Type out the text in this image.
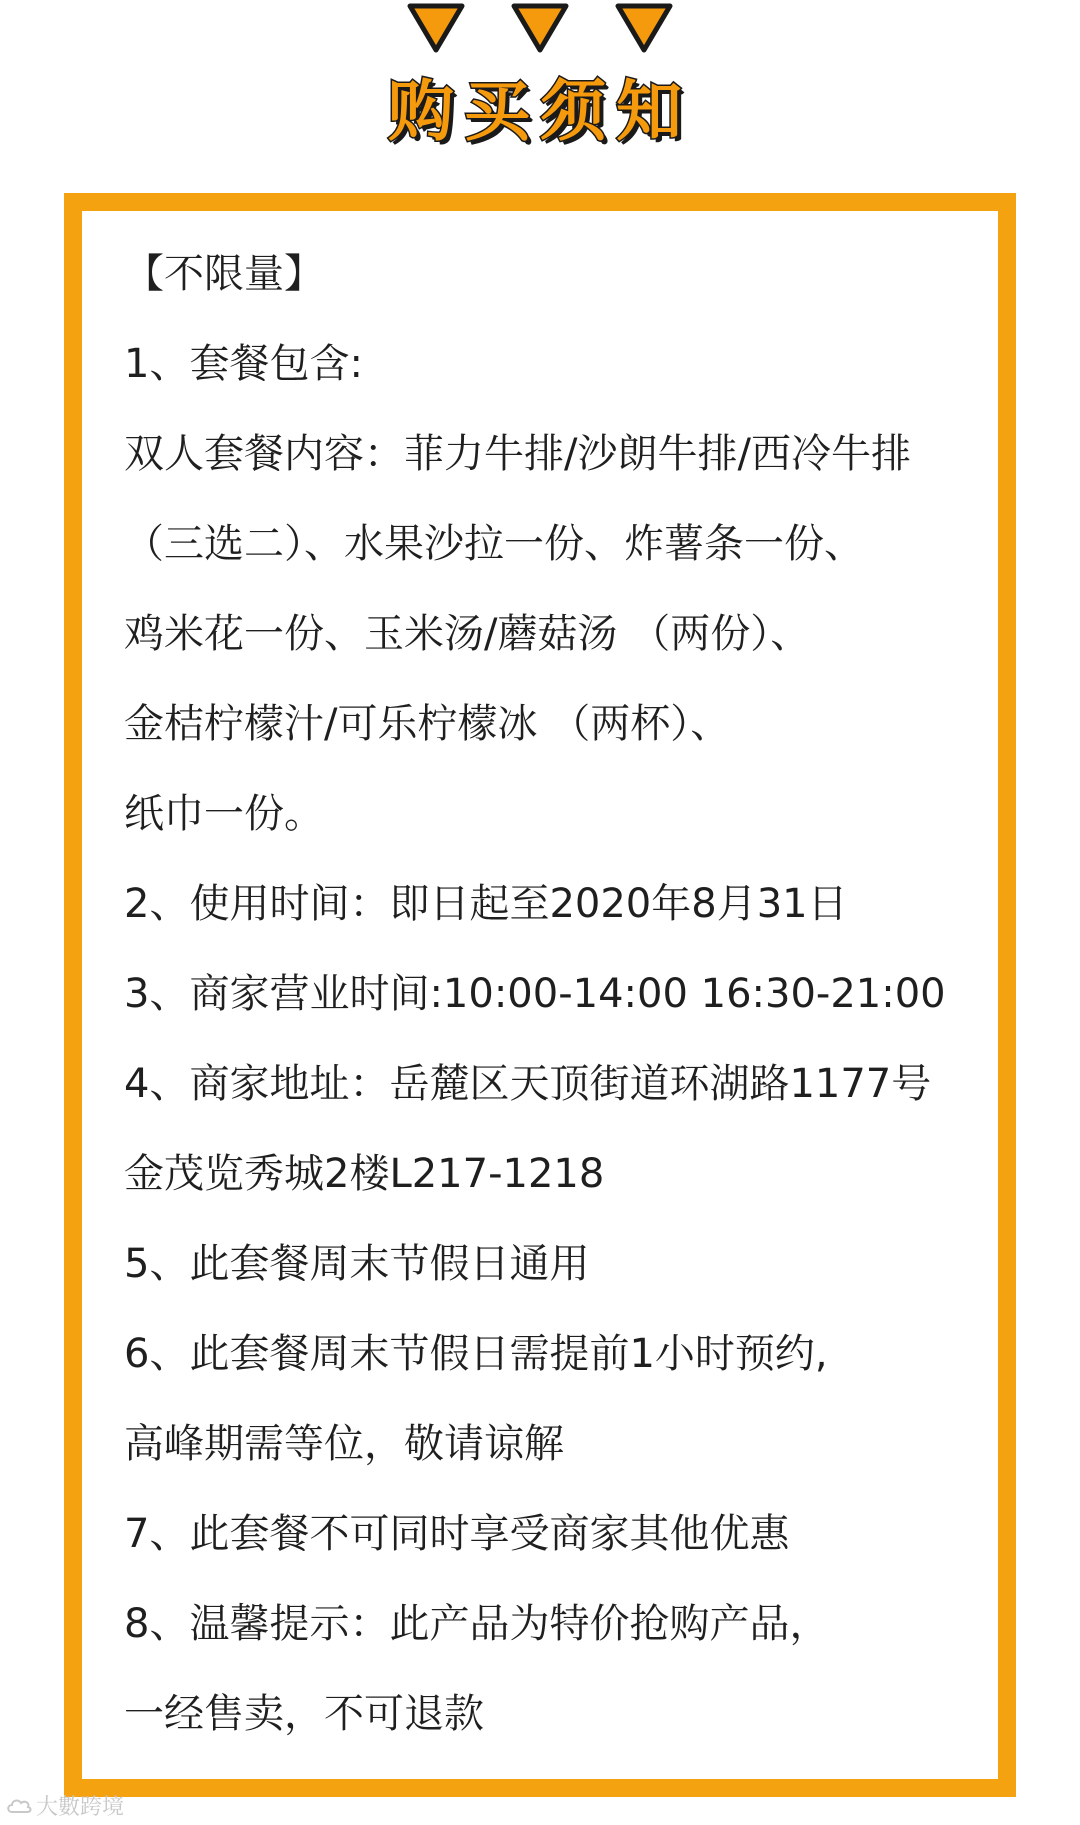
购买须知
【不限量】
1、套餐包含:
双人套餐内容：菲力牛排/沙朗牛排/西冷牛排
（三选二）、水果沙拉一份、炸薯条一份、
鸡米花一份、玉米汤/蘑菇汤 （两份）、
金桔柠檬汁/可乐柠檬冰 （两杯）、
纸巾一份。
2、使用时间：即日起至2020年8月31日
3、商家营业时间:10:00-14:00 16:30-21:00
4、商家地址：岳麓区天顶街道环湖路1177号
金茂览秀城2楼L217-1218
5、此套餐周末节假日通用
6、此套餐周末节假日需提前1小时预约,
高峰期需等位，敬请谅解
7、此套餐不可同时享受商家其他优惠
8、温馨提示：此产品为特价抢购产品，
一经售卖，不可退款
大數跨境
